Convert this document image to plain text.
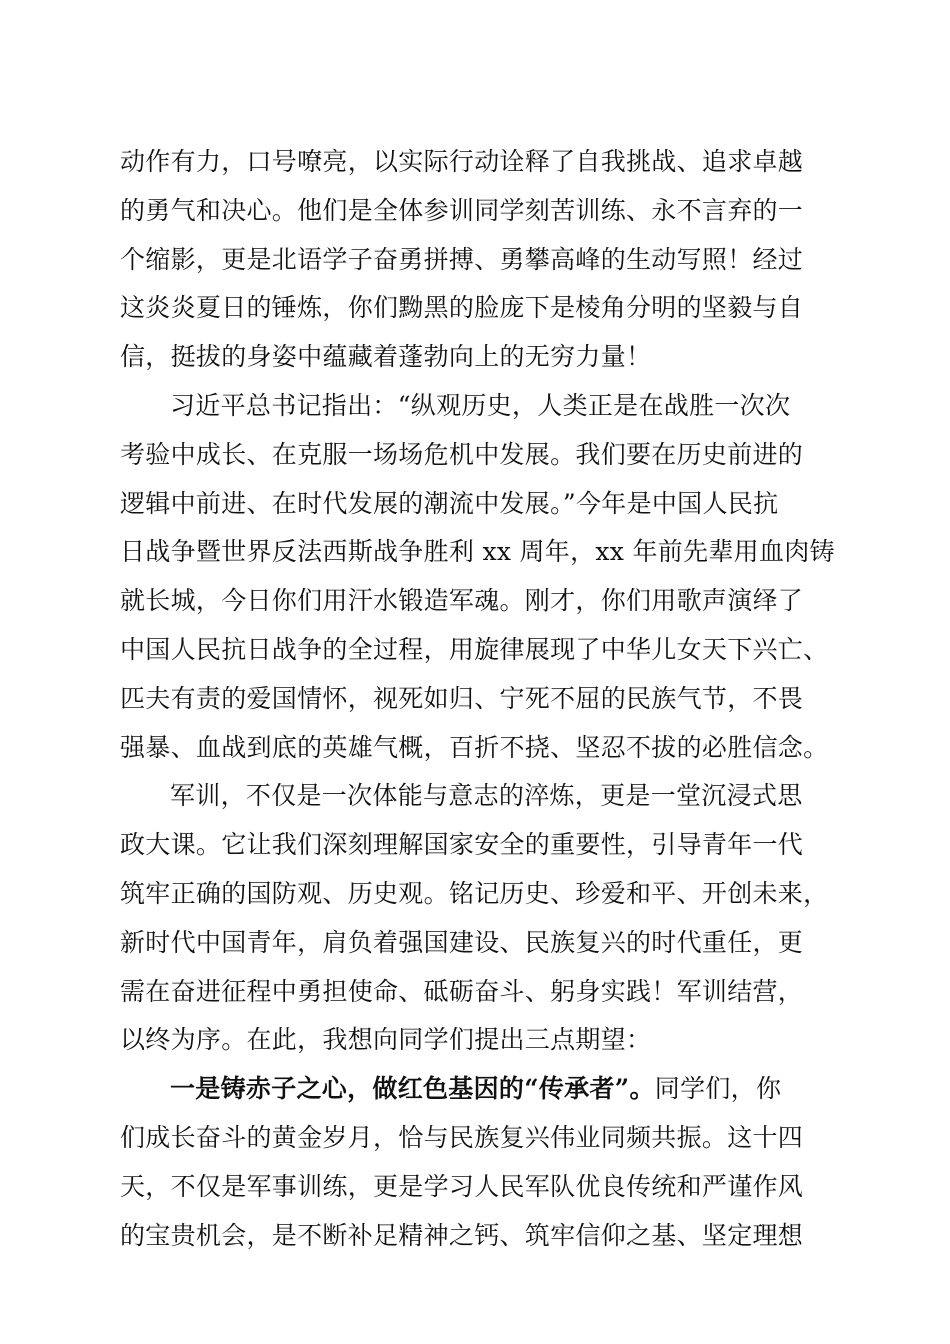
动作有力，口号嘹亮，以实际行动诠释了自我挑战、追求卓越
的勇气和决心。他们是全体参训同学刻苦训练、永不言弃的一
个缩影，更是北语学子奋勇拼搏、勇攀高峰的生动写照！经过
这炎炎夏日的锤炼，你们黝黑的脸庞下是棱角分明的坚毅与自
信，挺拔的身姿中蕴藏着蓬勃向上的无穷力量！
习近平总书记指出：“纵观历史，人类正是在战胜一次次
考验中成长、在克服一场场危机中发展。我们要在历史前进的
逻辑中前进、在时代发展的潮流中发展。”今年是中国人民抗
日战争暨世界反法西斯战争胜利 xx 周年，xx 年前先辈用血肉铸
就长城，今日你们用汗水锻造军魂。刚才，你们用歌声演绎了
中国人民抗日战争的全过程，用旋律展现了中华儿女天下兴亡、
匹夫有责的爱国情怀，视死如归、宁死不屈的民族气节，不畏
强暴、血战到底的英雄气概，百折不挠、坚忍不拔的必胜信念。
军训，不仅是一次体能与意志的淬炼，更是一堂沉浸式思
政大课。它让我们深刻理解国家安全的重要性，引导青年一代
筑牢正确的国防观、历史观。铭记历史、珍爱和平、开创未来，
新时代中国青年，肩负着强国建设、民族复兴的时代重任，更
需在奋进征程中勇担使命、砥砺奋斗、躬身实践！军训结营，
以终为序。在此，我想向同学们提出三点期望：
一是铸赤子之心，做红色基因的“传承者”。同学们，你
们成长奋斗的黄金岁月，恰与民族复兴伟业同频共振。这十四
天，不仅是军事训练，更是学习人民军队优良传统和严谨作风
的宝贵机会，是不断补足精神之钙、筑牢信仰之基、坚定理想
